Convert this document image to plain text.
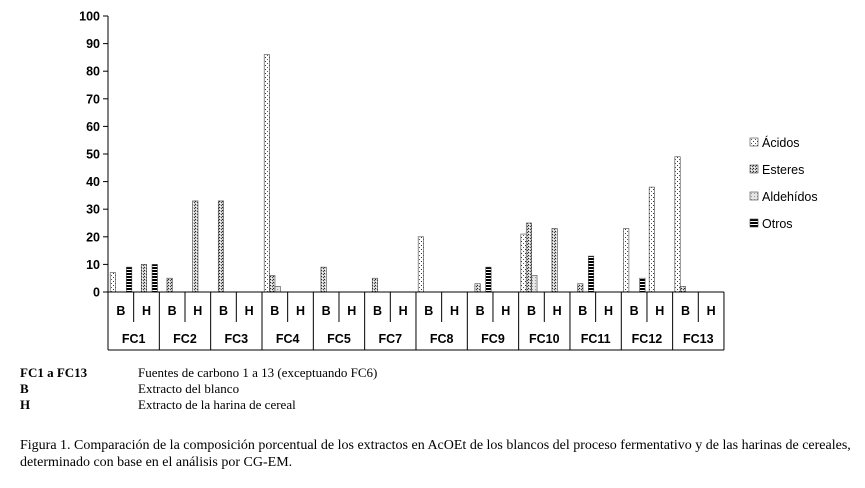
0
10
20
30
40
50
60
70
80
90
100
B H
FC1
B H
FC2
B H
FC3
B H
FC4
B H
FC5
B H
FC7
B H
FC8
B H
FC9
B H
FC10
B H
FC11
B H
FC12
B H
FC13
Ácidos
Esteres
Aldehídos
Otros
FC1 a FC13	Fuentes de carbono 1 a 13 (exceptuando FC6)
B	Extracto del blanco
H	Extracto de la harina de cereal
Figura 1. Comparación de la composición porcentual de los extractos en AcOEt de los blancos del proceso fermentativo y de las harinas de cereales, determinado con base en el análisis por CG-EM.
